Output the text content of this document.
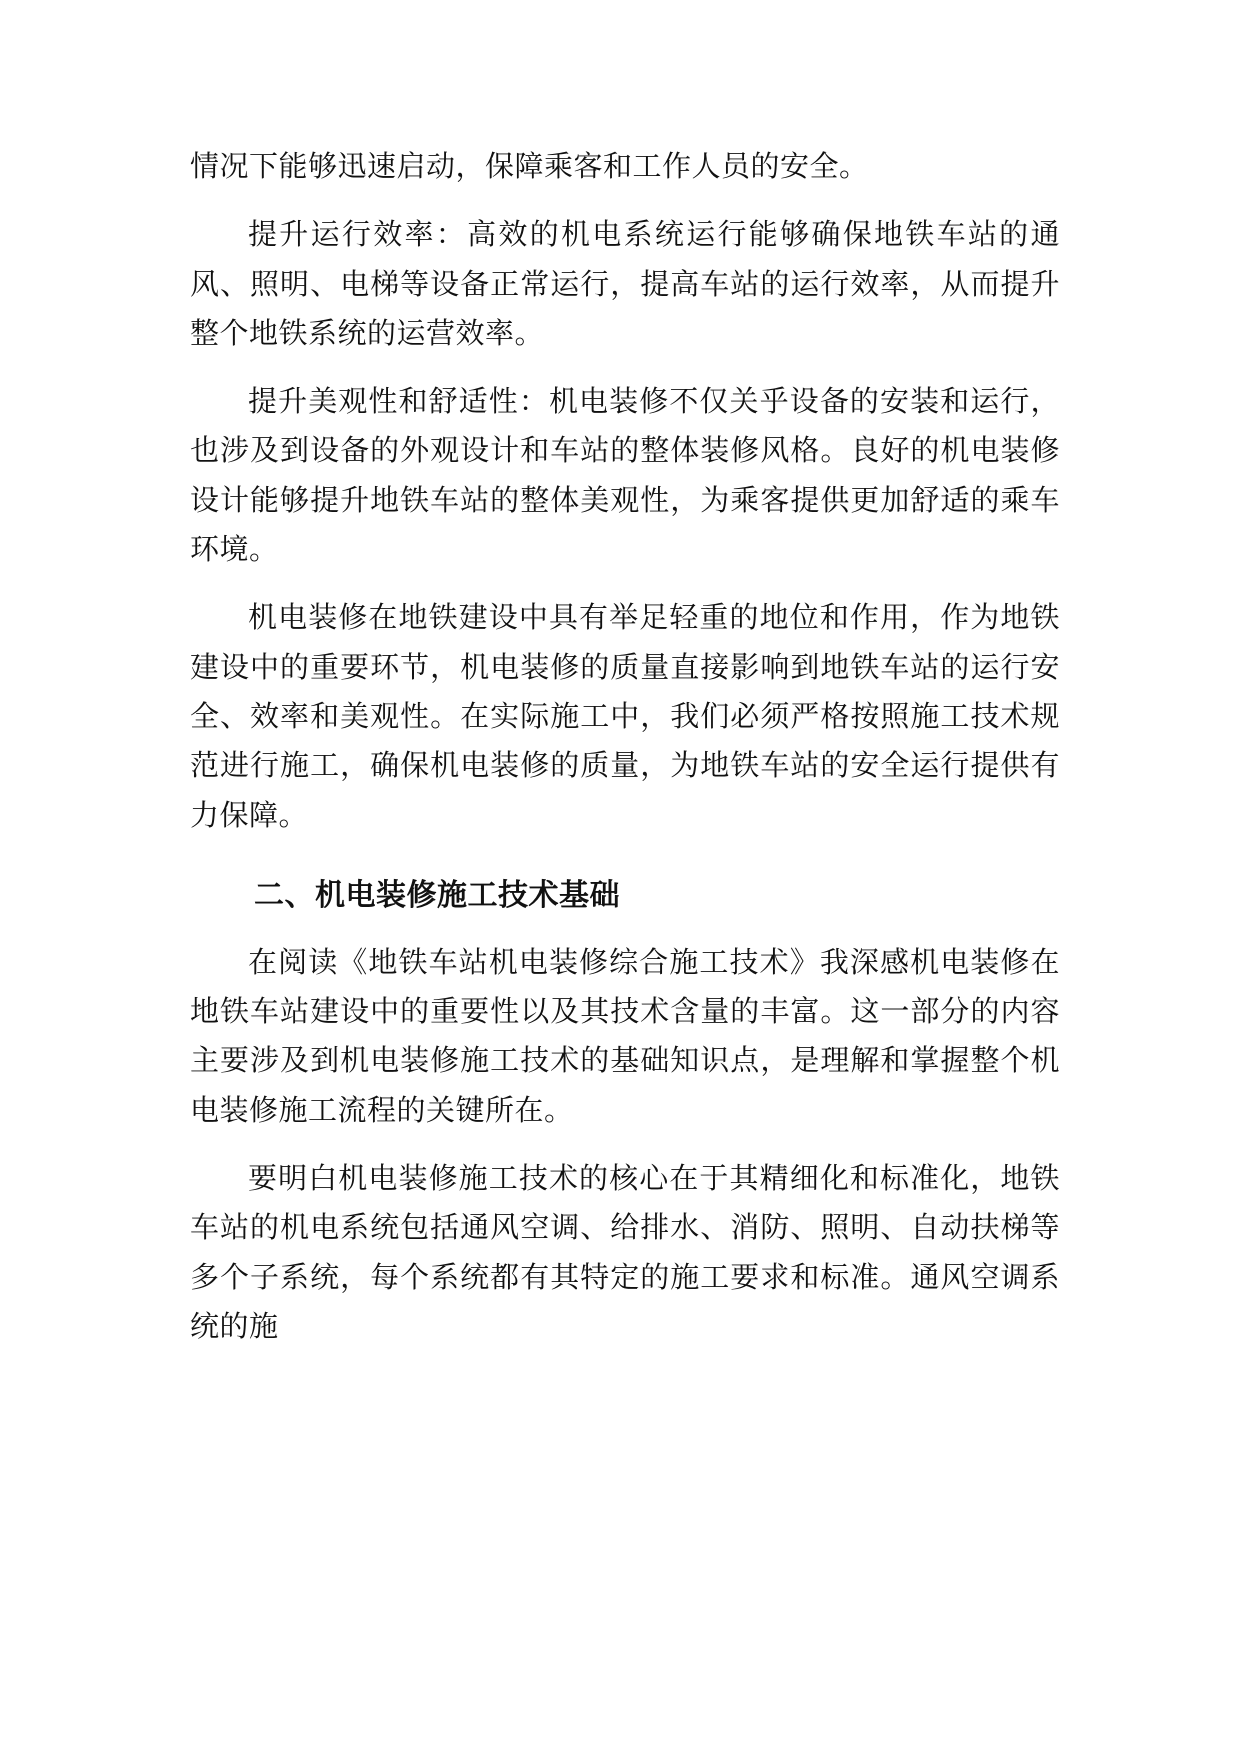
情况下能够迅速启动，保障乘客和工作人员的安全。

提升运行效率：高效的机电系统运行能够确保地铁车站的通风、照明、电梯等设备正常运行，提高车站的运行效率，从而提升整个地铁系统的运营效率。

提升美观性和舒适性：机电装修不仅关乎设备的安装和运行，也涉及到设备的外观设计和车站的整体装修风格。良好的机电装修设计能够提升地铁车站的整体美观性，为乘客提供更加舒适的乘车环境。

机电装修在地铁建设中具有举足轻重的地位和作用，作为地铁建设中的重要环节，机电装修的质量直接影响到地铁车站的运行安全、效率和美观性。在实际施工中，我们必须严格按照施工技术规范进行施工，确保机电装修的质量，为地铁车站的安全运行提供有力保障。

二、机电装修施工技术基础

在阅读《地铁车站机电装修综合施工技术》我深感机电装修在地铁车站建设中的重要性以及其技术含量的丰富。这一部分的内容主要涉及到机电装修施工技术的基础知识点，是理解和掌握整个机电装修施工流程的关键所在。

要明白机电装修施工技术的核心在于其精细化和标准化，地铁车站的机电系统包括通风空调、给排水、消防、照明、自动扶梯等多个子系统，每个系统都有其特定的施工要求和标准。通风空调系统的施
